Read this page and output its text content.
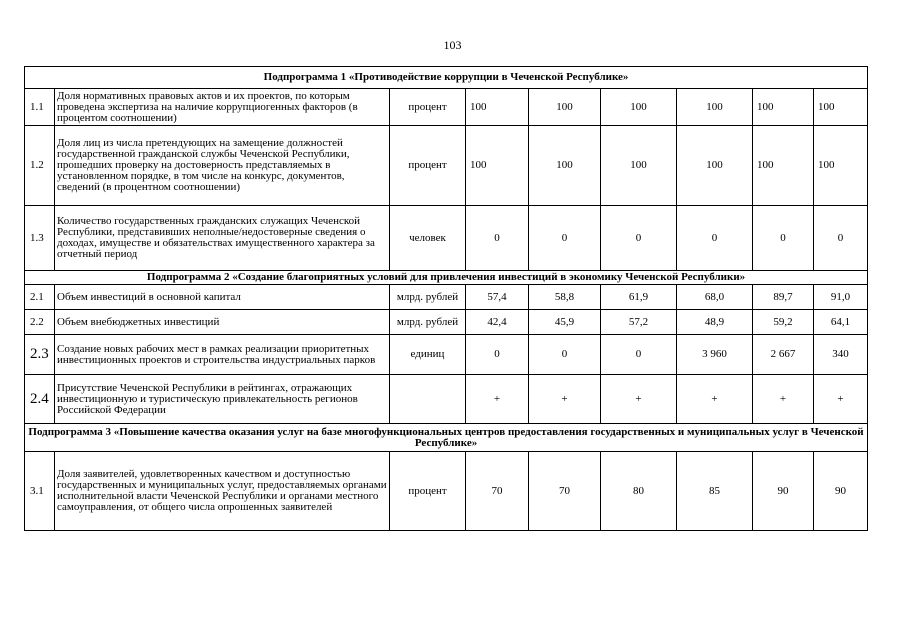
103
Подпрограмма 1 «Противодействие коррупции в Чеченской Республике»								
1.1	Доля нормативных правовых актов и их проектов, по которым проведена экспертиза на наличие коррупциогенных факторов (в процентом соотношении)	процент	100	100	100	100	100	100
1.2	Доля лиц из числа претендующих на замещение должностей государственной гражданской службы Чеченской Республики, прошедших проверку на достоверность представляемых в установленном порядке, в том числе на конкурс, документов, сведений (в процентном соотношении)	процент	100	100	100	100	100	100
1.3	Количество государственных гражданских служащих Чеченской Республики, представивших неполные/недостоверные сведения о доходах, имуществе и обязательствах имущественного характера за отчетный период	человек	0	0	0	0	0	0
Подпрограмма 2 «Создание благоприятных условий для привлечения инвестиций в экономику Чеченской Республики»								
2.1	Объем инвестиций в основной капитал	млрд. рублей	57,4	58,8	61,9	68,0	89,7	91,0
2.2	Объем внебюджетных инвестиций	млрд. рублей	42,4	45,9	57,2	48,9	59,2	64,1
2.3	Создание новых рабочих мест в рамках реализации приоритетных инвестиционных проектов и строительства индустриальных парков	единиц	0	0	0	3 960	2 667	340
2.4	Присутствие Чеченской Республики в рейтингах, отражающих инвестиционную и туристическую привлекательность регионов Российской Федерации		+	+	+	+	+	+
Подпрограмма 3 «Повышение качества оказания услуг на базе многофункциональных центров предоставления государственных и муниципальных услуг в Чеченской Республике»								
3.1	Доля заявителей, удовлетворенных качеством и доступностью государственных и муниципальных услуг, предоставляемых органами исполнительной власти Чеченской Республики и органами местного самоуправления, от общего числа опрошенных заявителей	процент	70	70	80	85	90	90
